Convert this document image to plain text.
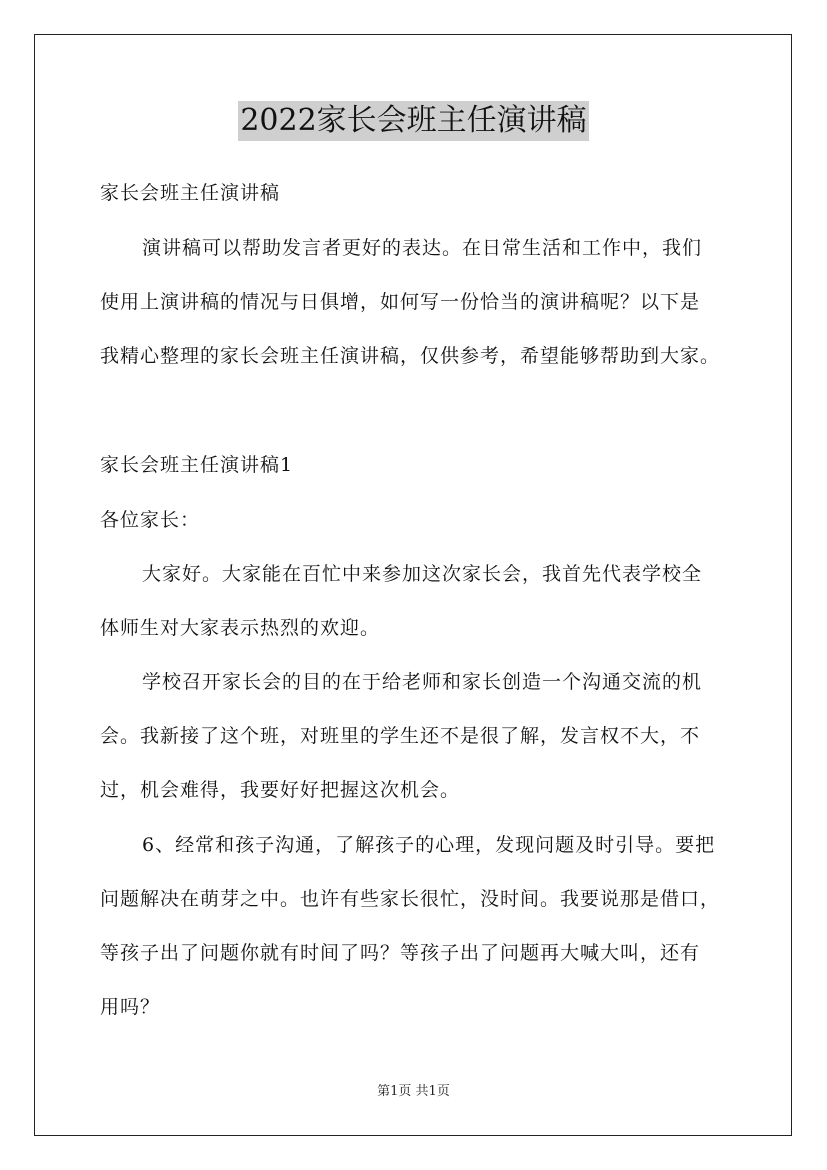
2022家长会班主任演讲稿
家长会班主任演讲稿
演讲稿可以帮助发言者更好的表达。在日常生活和工作中，我们
使用上演讲稿的情况与日俱增，如何写一份恰当的演讲稿呢？以下是
我精心整理的家长会班主任演讲稿，仅供参考，希望能够帮助到大家。
家长会班主任演讲稿1
各位家长：
大家好。大家能在百忙中来参加这次家长会，我首先代表学校全
体师生对大家表示热烈的欢迎。
学校召开家长会的目的在于给老师和家长创造一个沟通交流的机
会。我新接了这个班，对班里的学生还不是很了解，发言权不大，不
过，机会难得，我要好好把握这次机会。
6、经常和孩子沟通，了解孩子的心理，发现问题及时引导。要把
问题解决在萌芽之中。也许有些家长很忙，没时间。我要说那是借口，
等孩子出了问题你就有时间了吗？等孩子出了问题再大喊大叫，还有
用吗？
第1页 共1页
